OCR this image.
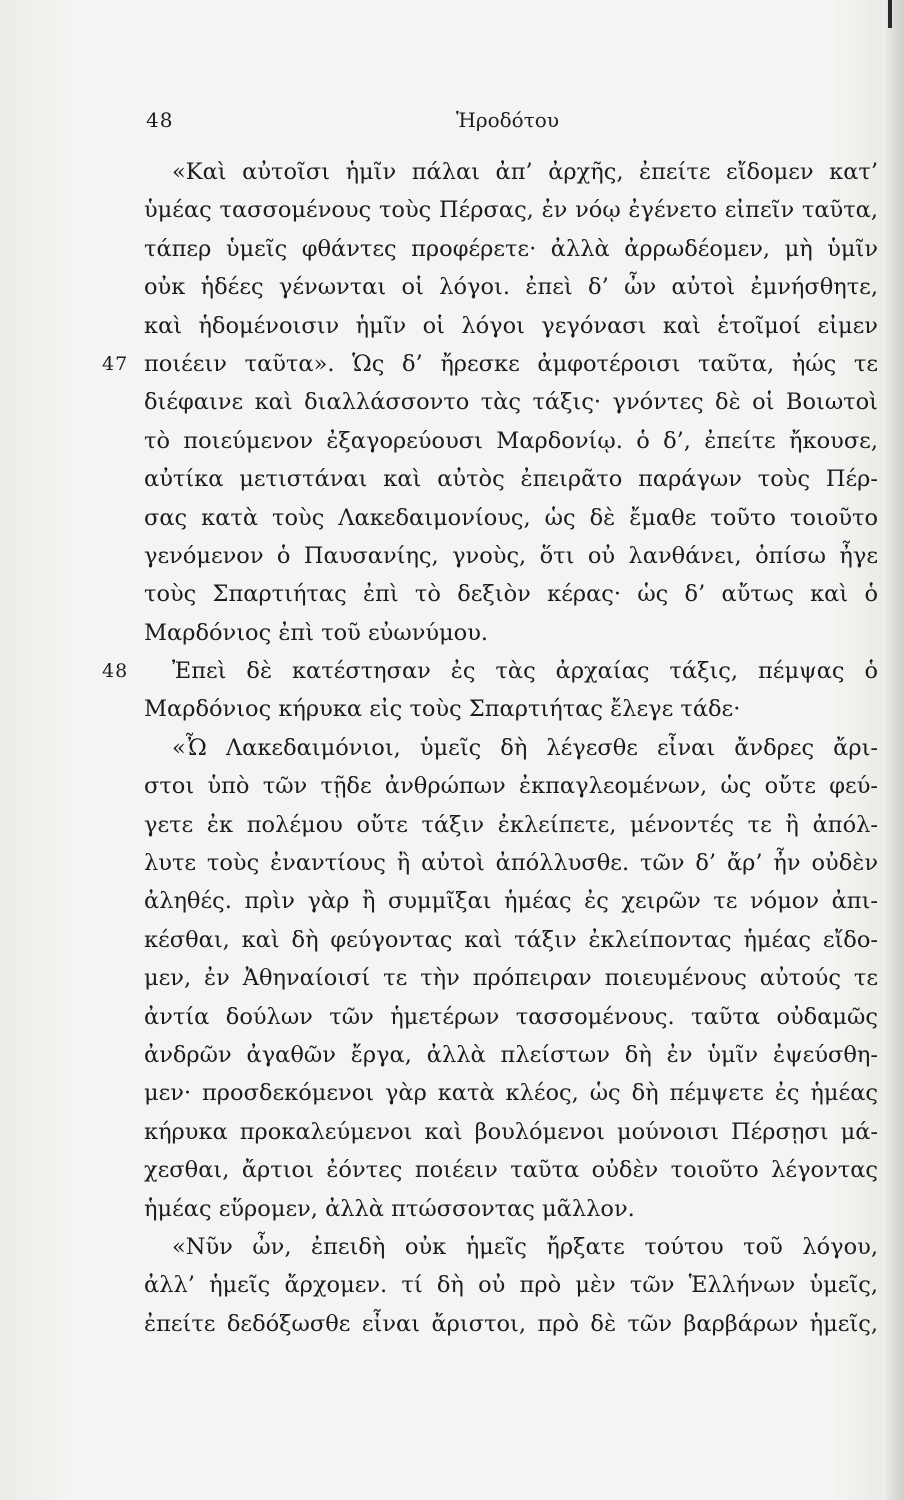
48	Ἡροδότου
«Καὶ αὐτοῖσι ἡμῖν πάλαι ἀπ’ ἀρχῆς, ἐπείτε εἴδομεν κατ’
ὑμέας τασσομένους τοὺς Πέρσας, ἐν νόῳ ἐγένετο εἰπεῖν ταῦτα,
τάπερ ὑμεῖς φθάντες προφέρετε· ἀλλὰ ἀρρωδέομεν, μὴ ὑμῖν
οὐκ ἡδέες γένωνται οἱ λόγοι. ἐπεὶ δ’ ὦν αὐτοὶ ἐμνήσθητε,
καὶ ἡδομένοισιν ἡμῖν οἱ λόγοι γεγόνασι καὶ ἑτοῖμοί εἰμεν
47 ποιέειν ταῦτα». Ὡς δ’ ἤρεσκε ἀμφοτέροισι ταῦτα, ἠώς τε
διέφαινε καὶ διαλλάσσοντο τὰς τάξις· γνόντες δὲ οἱ Βοιωτοὶ
τὸ ποιεύμενον ἐξαγορεύουσι Μαρδονίῳ. ὁ δ’, ἐπείτε ἤκουσε,
αὐτίκα μετιστάναι καὶ αὐτὸς ἐπειρᾶτο παράγων τοὺς Πέρ-
σας κατὰ τοὺς Λακεδαιμονίους, ὡς δὲ ἔμαθε τοῦτο τοιοῦτο
γενόμενον ὁ Παυσανίης, γνοὺς, ὅτι οὐ λανθάνει, ὀπίσω ἦγε
τοὺς Σπαρτιήτας ἐπὶ τὸ δεξιὸν κέρας· ὡς δ’ αὔτως καὶ ὁ
Μαρδόνιος ἐπὶ τοῦ εὐωνύμου.
48 Ἐπεὶ δὲ κατέστησαν ἐς τὰς ἀρχαίας τάξις, πέμψας ὁ
Μαρδόνιος κήρυκα εἰς τοὺς Σπαρτιήτας ἔλεγε τάδε·
«Ὦ Λακεδαιμόνιοι, ὑμεῖς δὴ λέγεσθε εἶναι ἄνδρες ἄρι-
στοι ὑπὸ τῶν τῇδε ἀνθρώπων ἐκπαγλεομένων, ὡς οὔτε φεύ-
γετε ἐκ πολέμου οὔτε τάξιν ἐκλείπετε, μένοντές τε ἢ ἀπόλ-
λυτε τοὺς ἐναντίους ἢ αὐτοὶ ἀπόλλυσθε. τῶν δ’ ἄρ’ ἦν οὐδὲν
ἀληθές. πρὶν γὰρ ἢ συμμῖξαι ἡμέας ἐς χειρῶν τε νόμον ἀπι-
κέσθαι, καὶ δὴ φεύγοντας καὶ τάξιν ἐκλείποντας ἡμέας εἴδο-
μεν, ἐν Ἀθηναίοισί τε τὴν πρόπειραν ποιευμένους αὐτούς τε
ἀντία δούλων τῶν ἡμετέρων τασσομένους. ταῦτα οὐδαμῶς
ἀνδρῶν ἀγαθῶν ἔργα, ἀλλὰ πλείστων δὴ ἐν ὑμῖν ἐψεύσθη-
μεν· προσδεκόμενοι γὰρ κατὰ κλέος, ὡς δὴ πέμψετε ἐς ἡμέας
κήρυκα προκαλεύμενοι καὶ βουλόμενοι μούνοισι Πέρσῃσι μά-
χεσθαι, ἄρτιοι ἐόντες ποιέειν ταῦτα οὐδὲν τοιοῦτο λέγοντας
ἡμέας εὕρομεν, ἀλλὰ πτώσσοντας μᾶλλον.
«Νῦν ὦν, ἐπειδὴ οὐκ ἡμεῖς ἤρξατε τούτου τοῦ λόγου,
ἀλλ’ ἡμεῖς ἄρχομεν. τί δὴ οὐ πρὸ μὲν τῶν Ἑλλήνων ὑμεῖς,
ἐπείτε δεδόξωσθε εἶναι ἄριστοι, πρὸ δὲ τῶν βαρβάρων ἡμεῖς,
